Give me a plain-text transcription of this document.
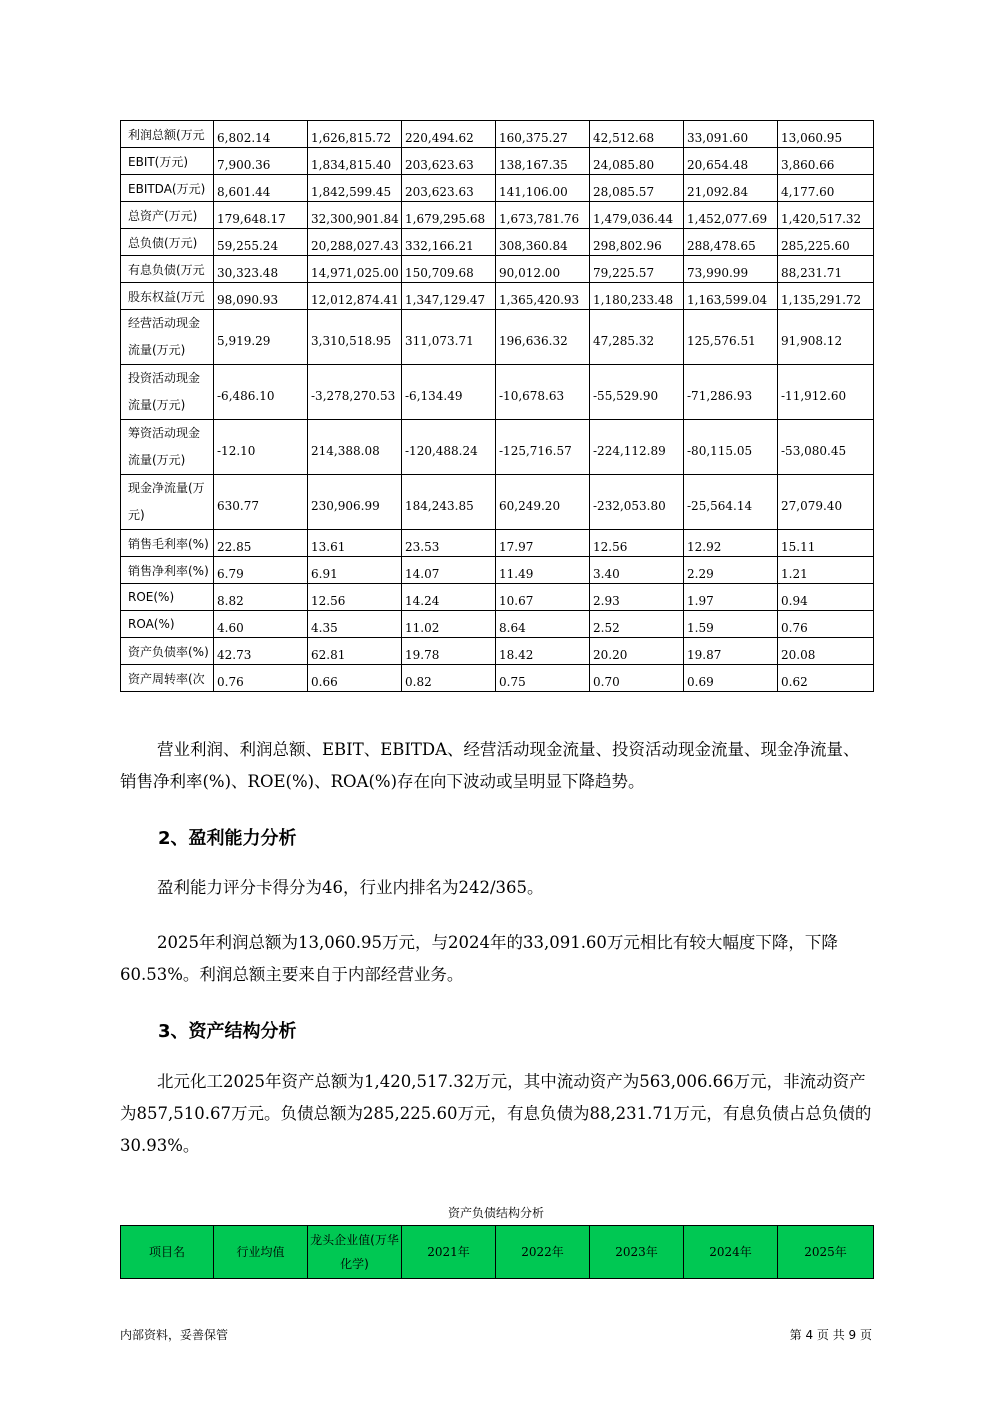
利润总额(万元	6,802.14	1,626,815.72	220,494.62	160,375.27	42,512.68	33,091.60	13,060.95
EBIT(万元)	7,900.36	1,834,815.40	203,623.63	138,167.35	24,085.80	20,654.48	3,860.66
EBITDA(万元)	8,601.44	1,842,599.45	203,623.63	141,106.00	28,085.57	21,092.84	4,177.60
总资产(万元)	179,648.17	32,300,901.84	1,679,295.68	1,673,781.76	1,479,036.44	1,452,077.69	1,420,517.32
总负债(万元)	59,255.24	20,288,027.43	332,166.21	308,360.84	298,802.96	288,478.65	285,225.60
有息负债(万元	30,323.48	14,971,025.00	150,709.68	90,012.00	79,225.57	73,990.99	88,231.71
股东权益(万元	98,090.93	12,012,874.41	1,347,129.47	1,365,420.93	1,180,233.48	1,163,599.04	1,135,291.72
经营活动现金流量(万元)	5,919.29	3,310,518.95	311,073.71	196,636.32	47,285.32	125,576.51	91,908.12
投资活动现金流量(万元)	-6,486.10	-3,278,270.53	-6,134.49	-10,678.63	-55,529.90	-71,286.93	-11,912.60
筹资活动现金流量(万元)	-12.10	214,388.08	-120,488.24	-125,716.57	-224,112.89	-80,115.05	-53,080.45
现金净流量(万元)	630.77	230,906.99	184,243.85	60,249.20	-232,053.80	-25,564.14	27,079.40
销售毛利率(%)	22.85	13.61	23.53	17.97	12.56	12.92	15.11
销售净利率(%)	6.79	6.91	14.07	11.49	3.40	2.29	1.21
ROE(%)	8.82	12.56	14.24	10.67	2.93	1.97	0.94
ROA(%)	4.60	4.35	11.02	8.64	2.52	1.59	0.76
资产负债率(%)	42.73	62.81	19.78	18.42	20.20	19.87	20.08
资产周转率(次	0.76	0.66	0.82	0.75	0.70	0.69	0.62

营业利润、利润总额、EBIT、EBITDA、经营活动现金流量、投资活动现金流量、现金净流量、销售净利率(%)、ROE(%)、ROA(%)存在向下波动或呈明显下降趋势。

2、盈利能力分析

盈利能力评分卡得分为46，行业内排名为242/365。

2025年利润总额为13,060.95万元，与2024年的33,091.60万元相比有较大幅度下降，下降60.53%。利润总额主要来自于内部经营业务。

3、资产结构分析

北元化工2025年资产总额为1,420,517.32万元，其中流动资产为563,006.66万元，非流动资产为857,510.67万元。负债总额为285,225.60万元，有息负债为88,231.71万元，有息负债占总负债的30.93%。

资产负债结构分析
项目名	行业均值	龙头企业值(万华化学)	2021年	2022年	2023年	2024年	2025年
内部资料，妥善保管	第 4 页 共 9 页
